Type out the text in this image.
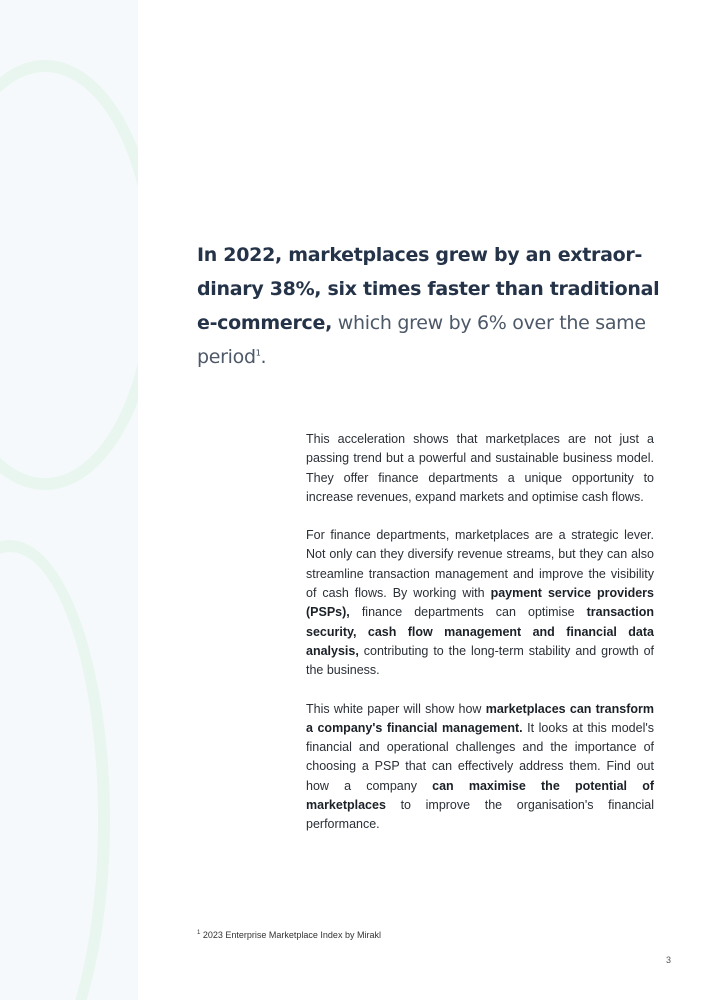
In 2022, marketplaces grew by an extraor-dinary 38%, six times faster than traditional e-commerce, which grew by 6% over the same period$^1$.

This acceleration shows that marketplaces are not just a passing trend but a powerful and sustainable business model. They offer finance departments a unique opportunity to increase revenues, expand markets and optimise cash flows.

For finance departments, marketplaces are a strategic lever. Not only can they diversify revenue streams, but they can also streamline transaction management and improve the visibility of cash flows. By working with payment service providers (PSPs), finance departments can optimise transaction security, cash flow management and financial data analysis, contributing to the long-term stability and growth of the business.

This white paper will show how marketplaces can transform a company's financial management. It looks at this model's financial and operational challenges and the importance of choosing a PSP that can effectively address them. Find out how a company can maximise the potential of marketplaces to improve the organisation's financial performance.

$^1$ 2023 Enterprise Marketplace Index by Mirakl
3
